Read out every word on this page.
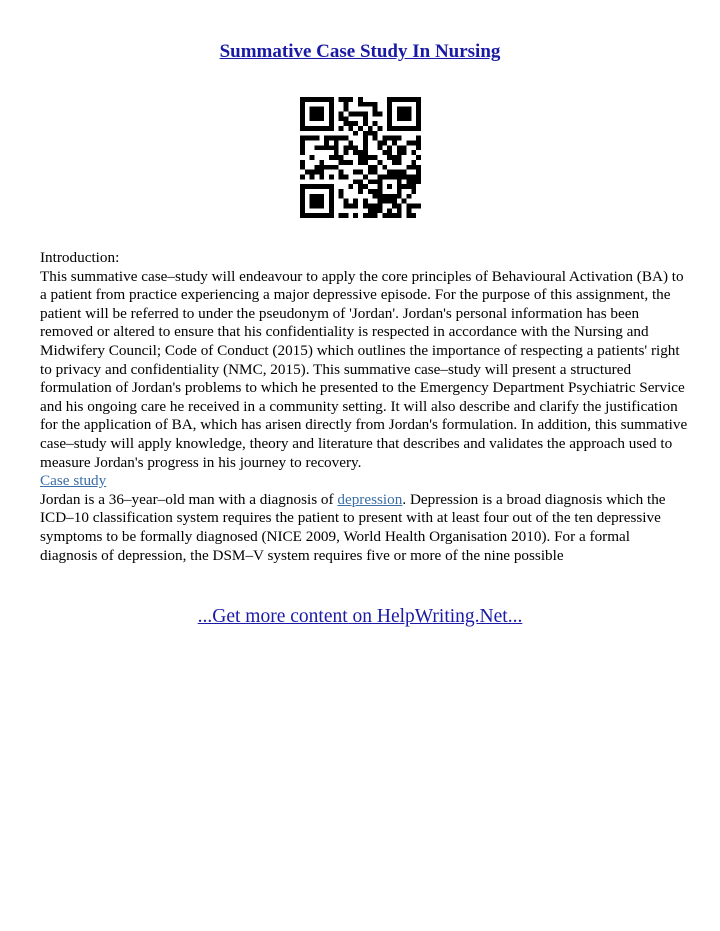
Summative Case Study In Nursing

Introduction:

This summative case–study will endeavour to apply the core principles of Behavioural Activation (BA) to a patient from practice experiencing a major depressive episode. For the purpose of this assignment, the patient will be referred to under the pseudonym of 'Jordan'. Jordan's personal information has been removed or altered to ensure that his confidentiality is respected in accordance with the Nursing and Midwifery Council; Code of Conduct (2015) which outlines the importance of respecting a patients' right to privacy and confidentiality (NMC, 2015). This summative case–study will present a structured formulation of Jordan's problems to which he presented to the Emergency Department Psychiatric Service and his ongoing care he received in a community setting. It will also describe and clarify the justification for the application of BA, which has arisen directly from Jordan's formulation. In addition, this summative case–study will apply knowledge, theory and literature that describes and validates the approach used to measure Jordan's progress in his journey to recovery.

Case study

Jordan is a 36–year–old man with a diagnosis of depression. Depression is a broad diagnosis which the ICD–10 classification system requires the patient to present with at least four out of the ten depressive symptoms to be formally diagnosed (NICE 2009, World Health Organisation 2010). For a formal diagnosis of depression, the DSM–V system requires five or more of the nine possible

...Get more content on HelpWriting.Net...
